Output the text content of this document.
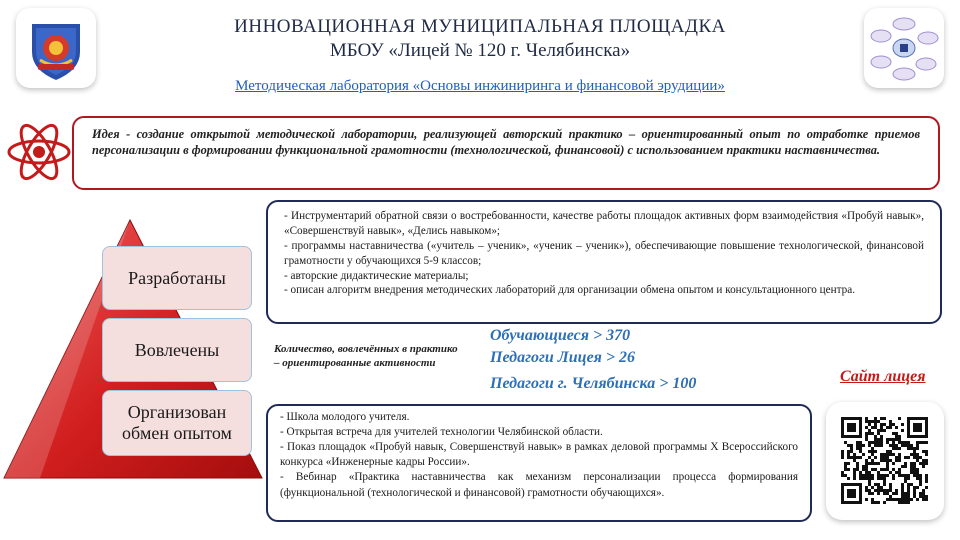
ИННОВАЦИОННАЯ МУНИЦИПАЛЬНАЯ ПЛОЩАДКА
МБОУ «Лицей № 120 г. Челябинска»
Методическая лаборатория «Основы инжиниринга и финансовой эрудиции»
Идея - создание открытой методической лаборатории, реализующей авторский практико – ориентированный опыт по отработке приемов персонализации в формировании функциональной грамотности (технологической, финансовой) с использованием практики наставничества.
Разработаны
Вовлечены
Организован обмен опытом

- Инструментарий обратной связи о востребованности, качестве работы площадок активных форм взаимодействия «Пробуй навык», «Совершенствуй навык», «Делись навыком»;

- программы наставничества («учитель – ученик», «ученик – ученик»), обеспечивающие повышение технологической, финансовой грамотности у обучающихся 5-9 классов;

- авторские дидактические материалы;

- описан алгоритм внедрения методических лабораторий для организации обмена опытом и консультационного центра.

Количество, вовлечённых в практико – ориентированные активности
Обучающиеся > 370
Педагоги Лицея > 26
Педагоги г. Челябинска > 100	Сайт лицея

- Школа молодого учителя.

- Открытая встреча для учителей технологии Челябинской области.

- Показ площадок «Пробуй навык, Совершенствуй навык» в рамках деловой программы X Всероссийского конкурса «Инженерные кадры России».

- Вебинар «Практика наставничества как механизм персонализации процесса формирования (функциональной (технологической и финансовой) грамотности обучающихся».
